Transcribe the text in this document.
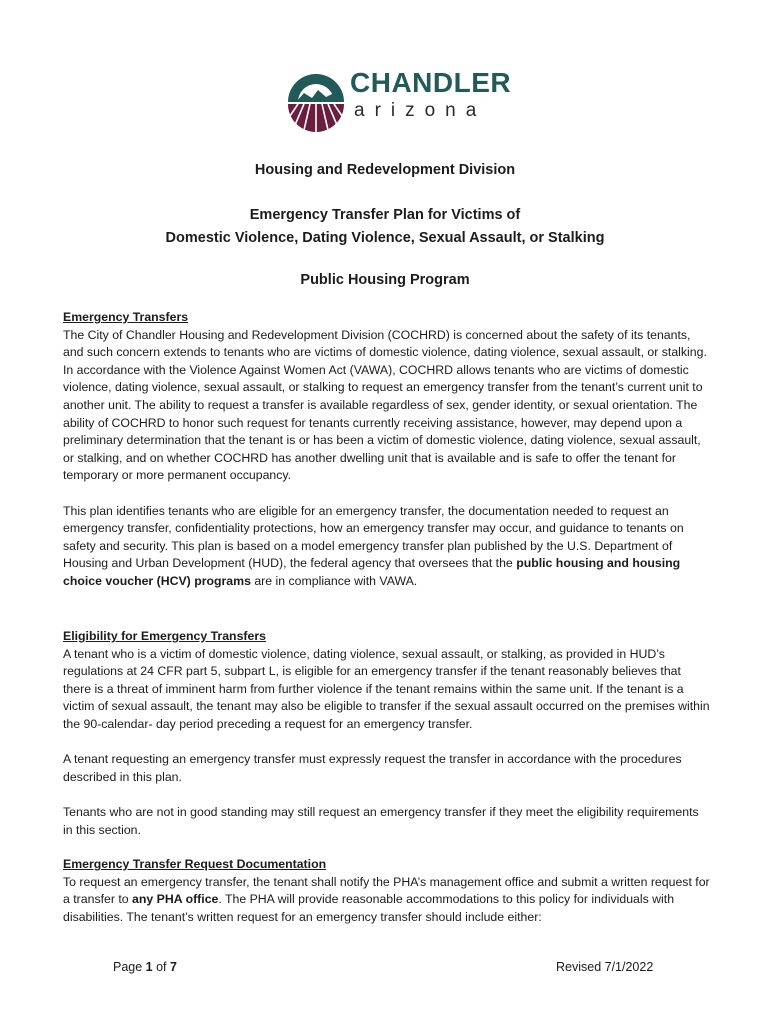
CHANDLER
arizona
Housing and Redevelopment Division
Emergency Transfer Plan for Victims of
Domestic Violence, Dating Violence, Sexual Assault, or Stalking
Public Housing Program
Emergency Transfers

The City of Chandler Housing and Redevelopment Division (COCHRD) is concerned about the safety of its tenants, and such concern extends to tenants who are victims of domestic violence, dating violence, sexual assault, or stalking. In accordance with the Violence Against Women Act (VAWA), COCHRD allows tenants who are victims of domestic violence, dating violence, sexual assault, or stalking to request an emergency transfer from the tenant’s current unit to another unit. The ability to request a transfer is available regardless of sex, gender identity, or sexual orientation. The ability of COCHRD to honor such request for tenants currently receiving assistance, however, may depend upon a preliminary determination that the tenant is or has been a victim of domestic violence, dating violence, sexual assault, or stalking, and on whether COCHRD has another dwelling unit that is available and is safe to offer the tenant for temporary or more permanent occupancy.

This plan identifies tenants who are eligible for an emergency transfer, the documentation needed to request an emergency transfer, confidentiality protections, how an emergency transfer may occur, and guidance to tenants on safety and security. This plan is based on a model emergency transfer plan published by the U.S. Department of Housing and Urban Development (HUD), the federal agency that oversees that the public housing and housing choice voucher (HCV) programs are in compliance with VAWA.

Eligibility for Emergency Transfers

A tenant who is a victim of domestic violence, dating violence, sexual assault, or stalking, as provided in HUD’s regulations at 24 CFR part 5, subpart L, is eligible for an emergency transfer if the tenant reasonably believes that there is a threat of imminent harm from further violence if the tenant remains within the same unit. If the tenant is a victim of sexual assault, the tenant may also be eligible to transfer if the sexual assault occurred on the premises within the 90-calendar- day period preceding a request for an emergency transfer.

A tenant requesting an emergency transfer must expressly request the transfer in accordance with the procedures described in this plan.

Tenants who are not in good standing may still request an emergency transfer if they meet the eligibility requirements in this section.

Emergency Transfer Request Documentation

To request an emergency transfer, the tenant shall notify the PHA’s management office and submit a written request for a transfer to any PHA office. The PHA will provide reasonable accommodations to this policy for individuals with disabilities. The tenant’s written request for an emergency transfer should include either:

Page 1 of 7	Revised 7/1/2022
